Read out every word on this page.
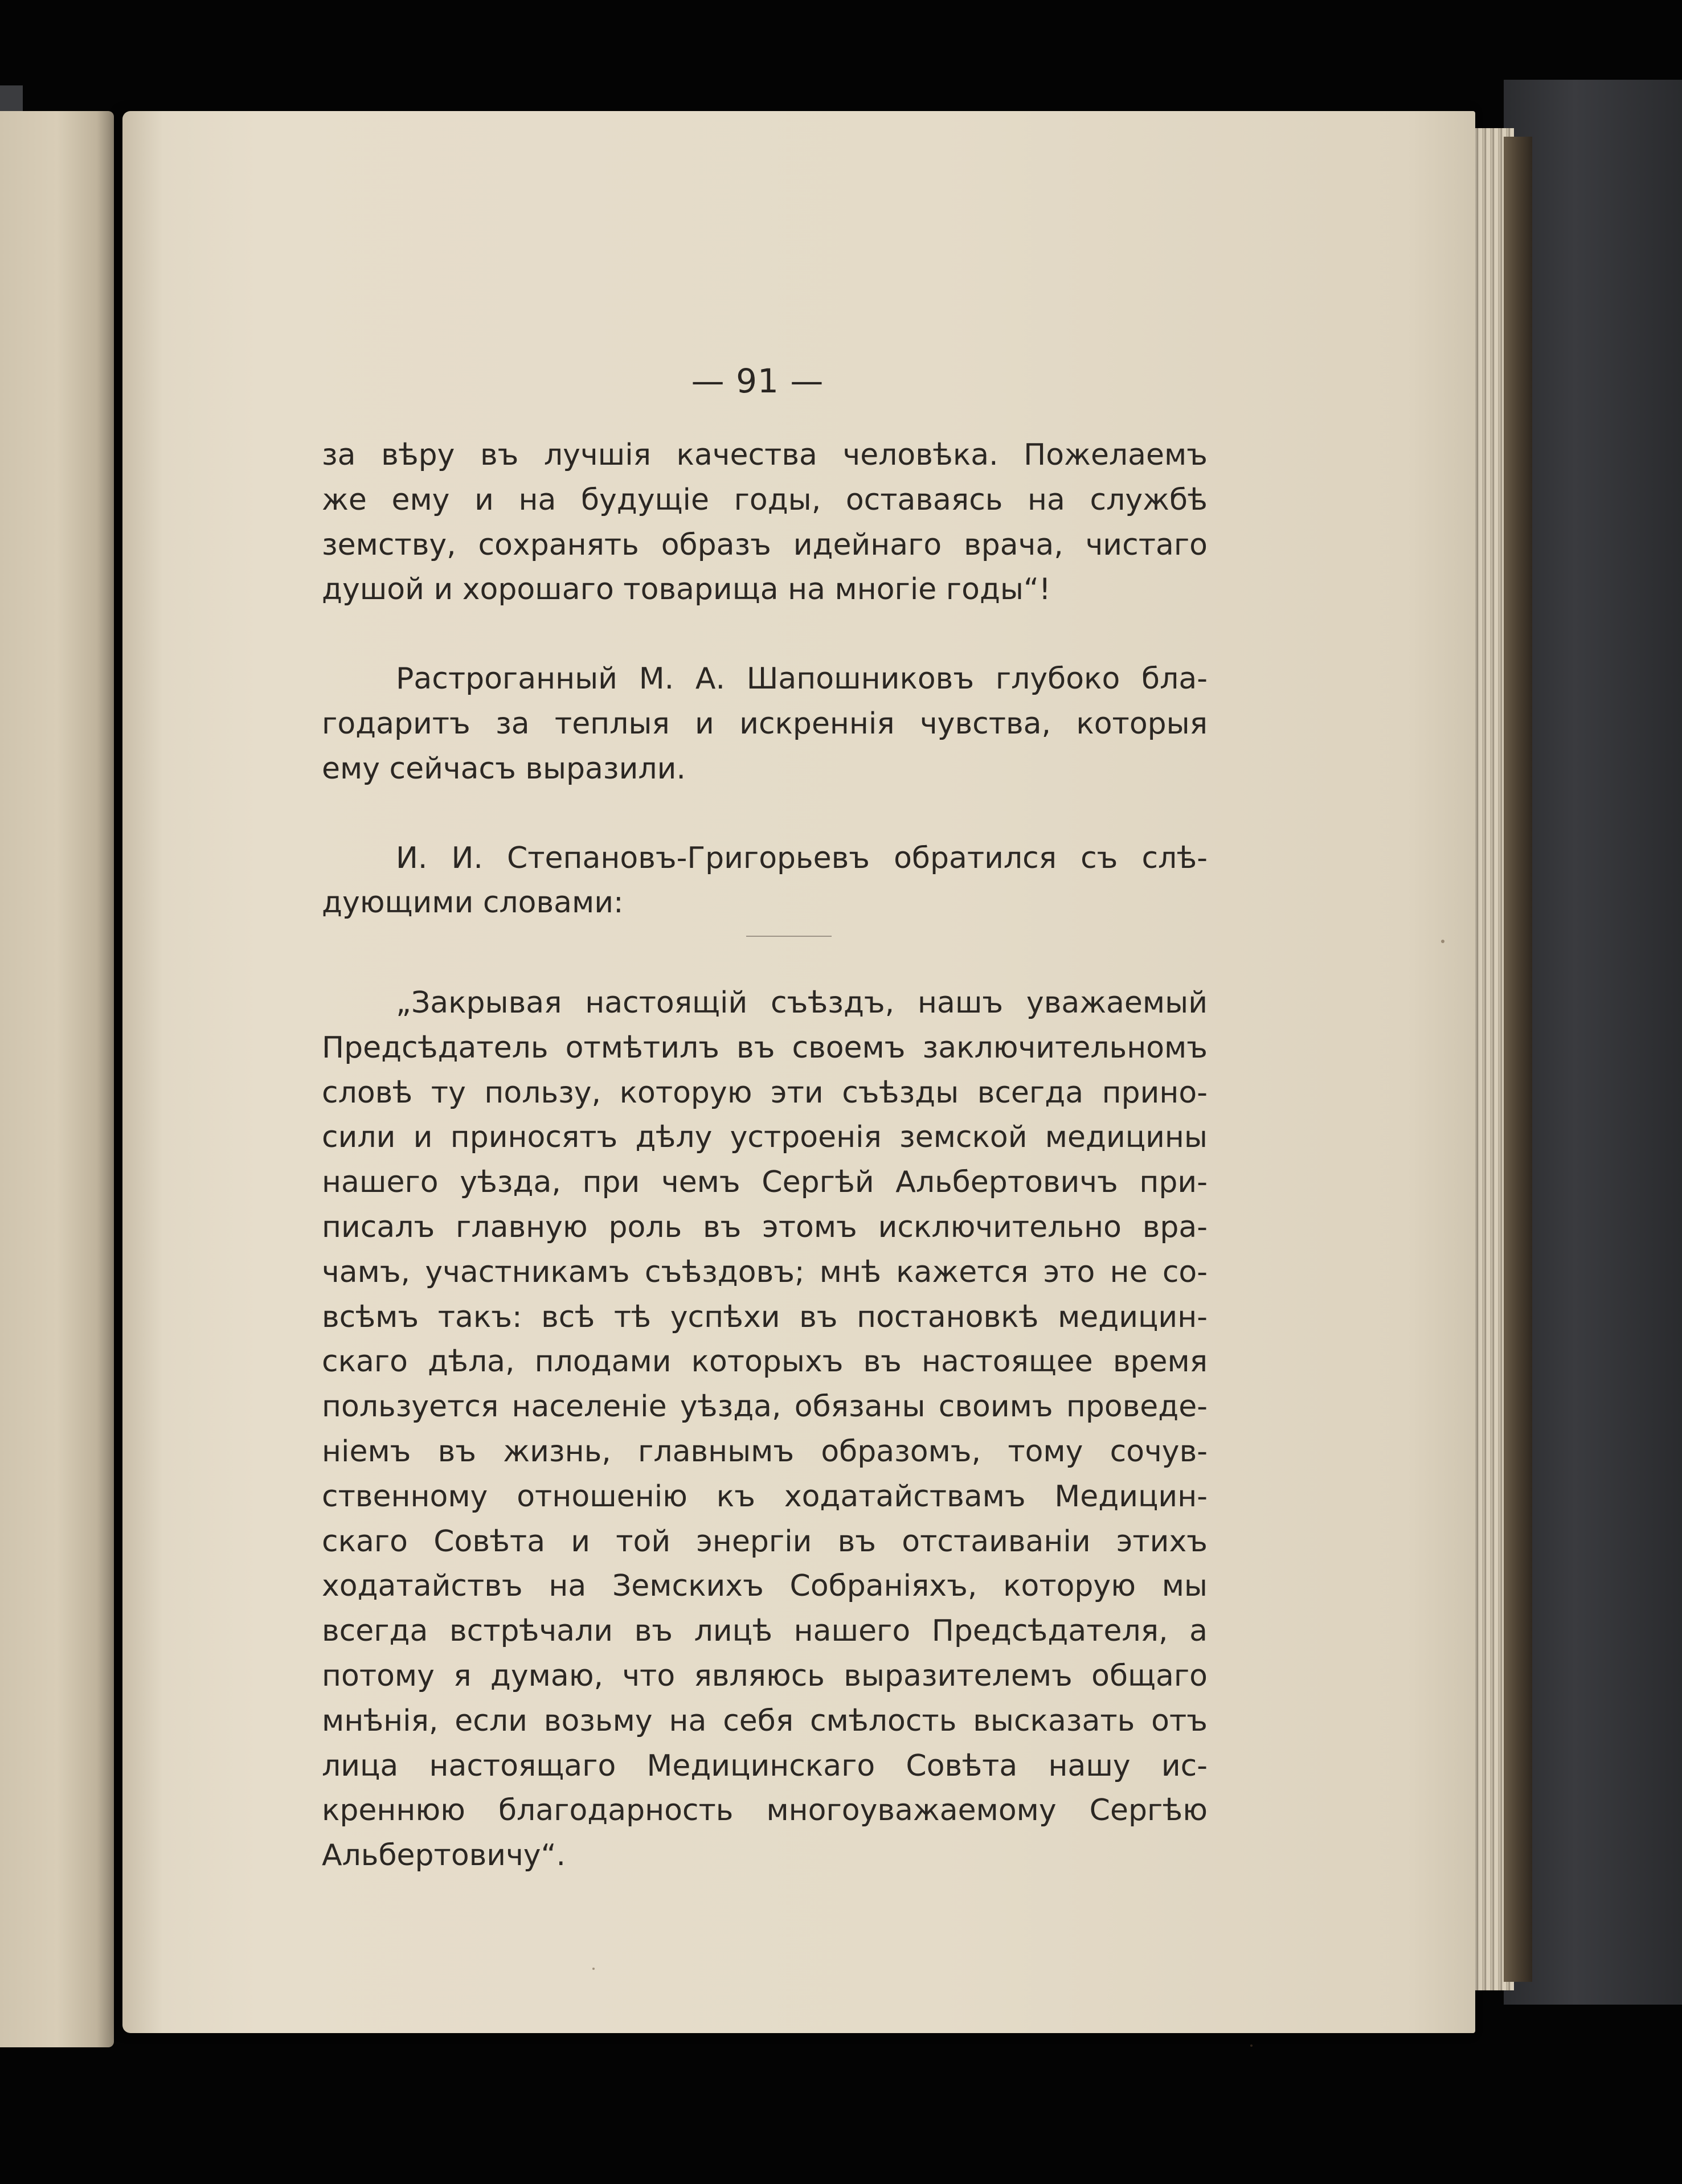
— 91 —

за вѣру въ лучшія качества человѣка. Пожелаемъ
же ему и на будущіе годы, оставаясь на службѣ
земству, сохранять образъ идейнаго врача, чистаго
душой и хорошаго товарища на многіе годы“!

Растроганный М. А. Шапошниковъ глубоко бла-
годаритъ за теплыя и искреннія чувства, которыя
ему сейчасъ выразили.

И. И. Степановъ-Григорьевъ обратился съ слѣ-
дующими словами:

„Закрывая настоящій съѣздъ, нашъ уважаемый
Предсѣдатель отмѣтилъ въ своемъ заключительномъ
словѣ ту пользу, которую эти съѣзды всегда прино-
сили и приносятъ дѣлу устроенія земской медицины
нашего уѣзда, при чемъ Сергѣй Альбертовичъ при-
писалъ главную роль въ этомъ исключительно вра-
чамъ, участникамъ съѣздовъ; мнѣ кажется это не со-
всѣмъ такъ: всѣ тѣ успѣхи въ постановкѣ медицин-
скаго дѣла, плодами которыхъ въ настоящее время
пользуется населеніе уѣзда, обязаны своимъ проведе-
ніемъ въ жизнь, главнымъ образомъ, тому сочув-
ственному отношенію къ ходатайствамъ Медицин-
скаго Совѣта и той энергіи въ отстаиваніи этихъ
ходатайствъ на Земскихъ Собраніяхъ, которую мы
всегда встрѣчали въ лицѣ нашего Предсѣдателя, а
потому я думаю, что являюсь выразителемъ общаго
мнѣнія, если возьму на себя смѣлость высказать отъ
лица настоящаго Медицинскаго Совѣта нашу ис-
креннюю благодарность многоуважаемому Сергѣю
Альбертовичу“.
